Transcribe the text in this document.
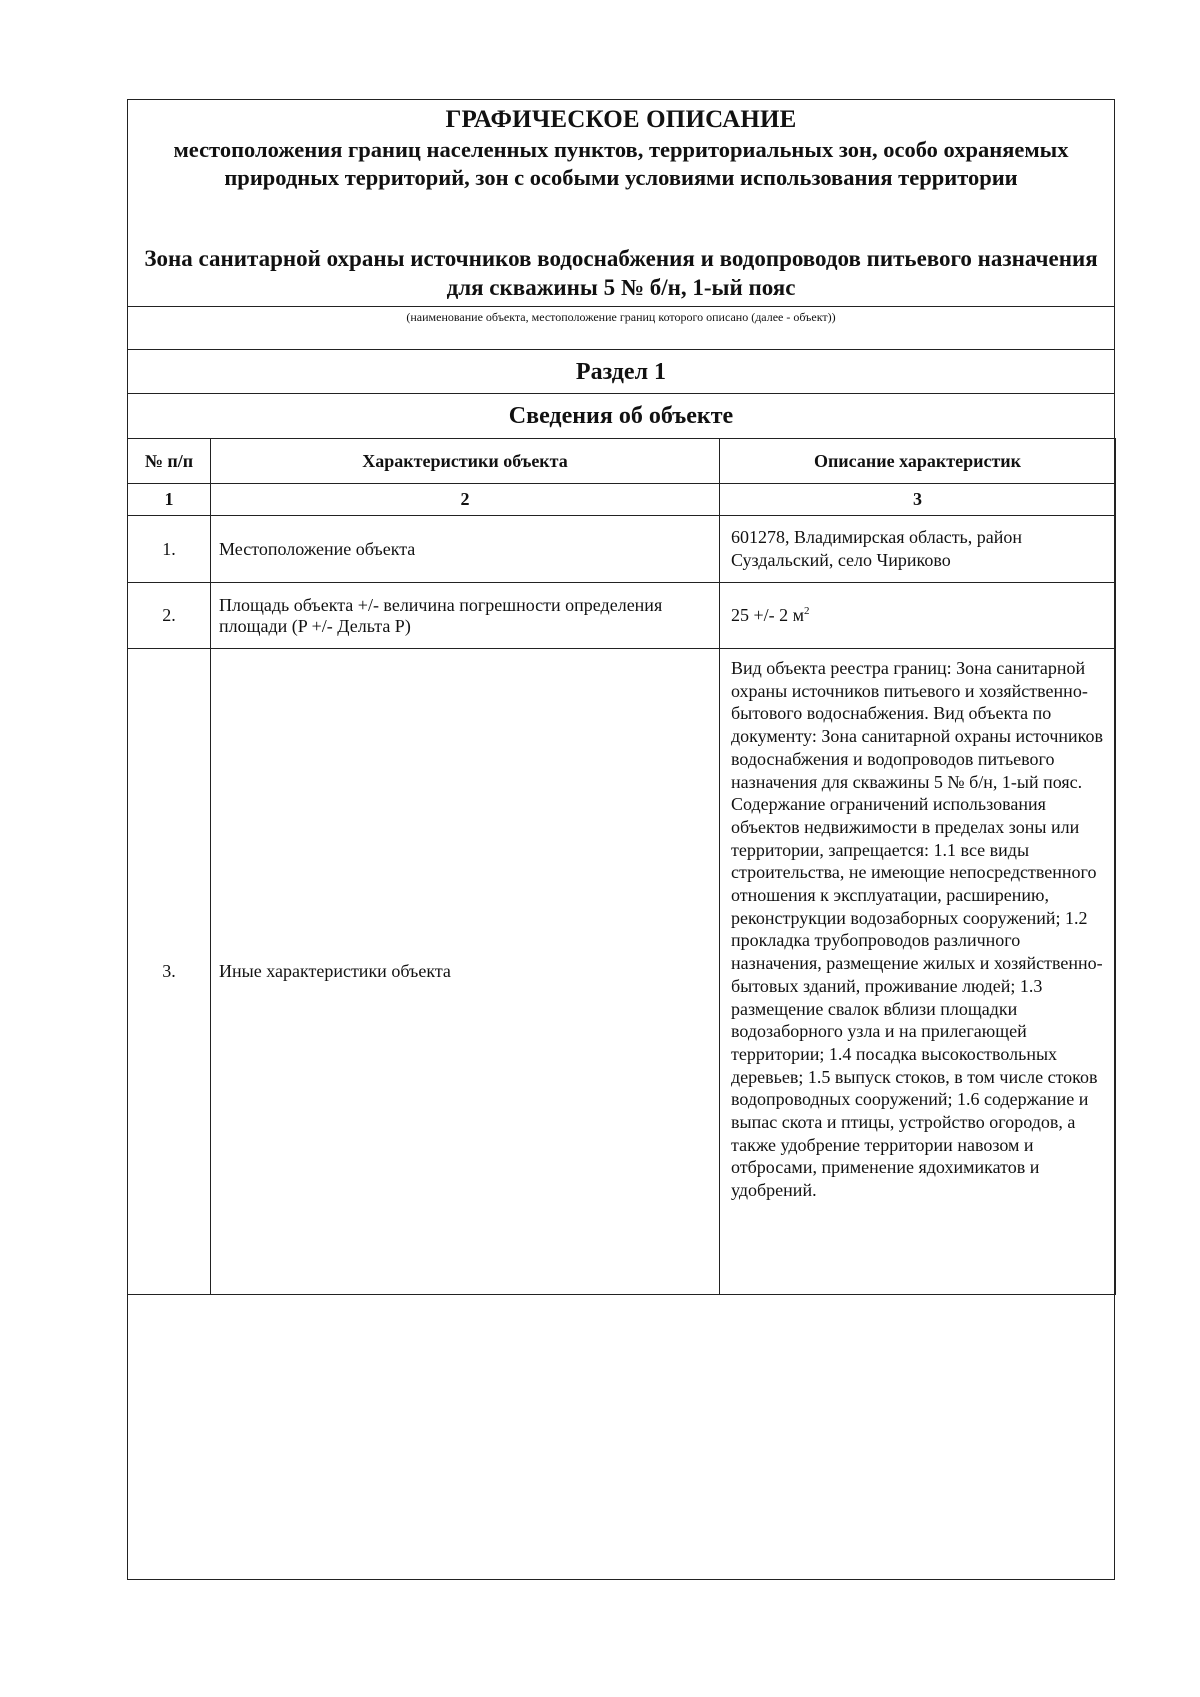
ГРАФИЧЕСКОЕ ОПИСАНИЕ
местоположения границ населенных пунктов, территориальных зон, особо охраняемых природных территорий, зон с особыми условиями использования территории
Зона санитарной охраны источников водоснабжения и водопроводов питьевого назначения для скважины 5 № б/н, 1-ый пояс
(наименование объекта, местоположение границ которого описано (далее - объект))
Раздел 1
Сведения об объекте
№ п/п	Характеристики объекта	Описание характеристик
1	2	3
1.	Местоположение объекта	601278, Владимирская область, район Суздальский, село Чириково
2.	Площадь объекта +/- величина погрешности определения площади (P +/- Дельта P)	25 +/- 2 $м^2$
3.	Иные характеристики объекта	Вид объекта реестра границ: Зона санитарной охраны источников питьевого и хозяйственно-бытового водоснабжения. Вид объекта по документу: Зона санитарной охраны источников водоснабжения и водопроводов питьевого назначения для скважины 5 № б/н, 1-ый пояс. Содержание ограничений использования объектов недвижимости в пределах зоны или территории, запрещается: 1.1 все виды строительства, не имеющие непосредственного отношения к эксплуатации, расширению, реконструкции водозаборных сооружений; 1.2 прокладка трубопроводов различного назначения, размещение жилых и хозяйственно-бытовых зданий, проживание людей; 1.3 размещение свалок вблизи площадки водозаборного узла и на прилегающей территории; 1.4 посадка высокоствольных деревьев; 1.5 выпуск стоков, в том числе стоков водопроводных сооружений; 1.6 содержание и выпас скота и птицы, устройство огородов, а также удобрение территории навозом и отбросами, применение ядохимикатов и удобрений.
